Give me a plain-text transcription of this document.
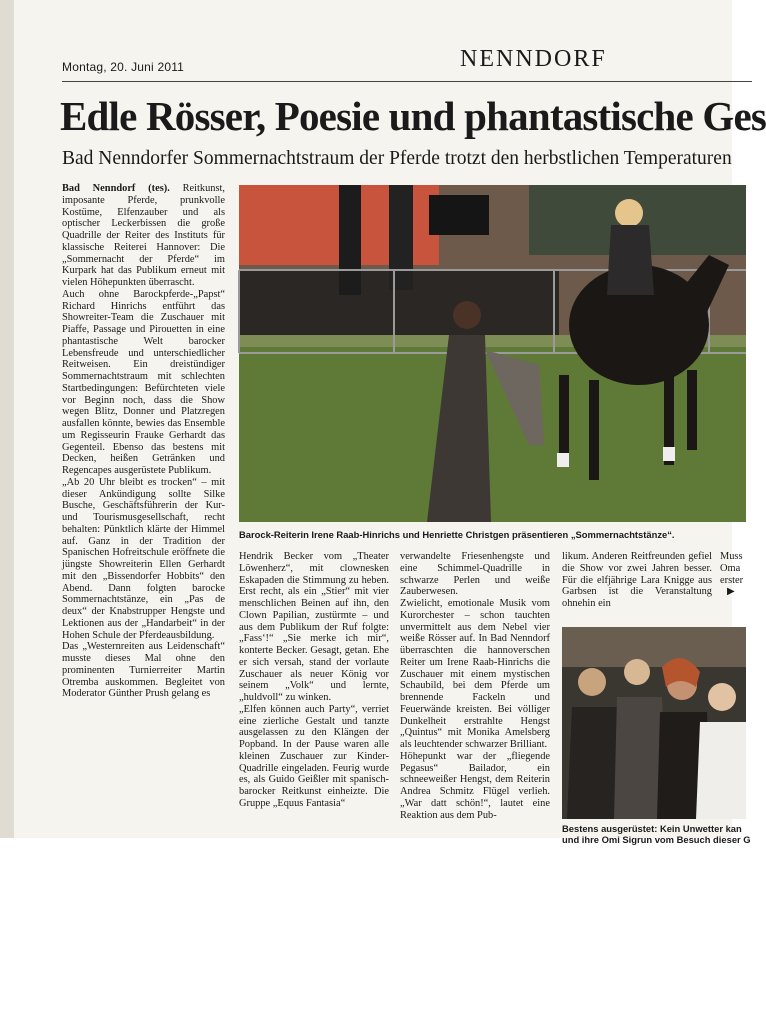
Montag, 20. Juni 2011	NENNDORF
Edle Rösser, Poesie und phantastische Ges
Bad Nenndorfer Sommernachtstraum der Pferde trotzt den herbstlichen Temperaturen
Bad Nenndorf (tes). Reitkunst, imposante Pferde, prunkvolle Kostüme, Elfenzauber und als optischer Leckerbissen die große Quadrille der Reiter des Instituts für klassische Reiterei Hannover: Die „Sommernacht der Pferde“ im Kurpark hat das Publikum erneut mit vielen Höhepunkten überrascht.
Auch ohne Barockpferde-„Papst“ Richard Hinrichs entführt das Showreiter-Team die Zuschauer mit Piaffe, Passage und Pirouetten in eine phantastische Welt barocker Lebensfreude und unterschiedlicher Reitweisen. Ein dreistündiger Sommernachtstraum mit schlechten Startbedingungen: Befürchteten viele vor Beginn noch, dass die Show wegen Blitz, Donner und Platzregen ausfallen könnte, bewies das Ensemble um Regisseurin Frauke Gerhardt das Gegenteil. Ebenso das bestens mit Decken, heißen Getränken und Regencapes ausgerüstete Publikum.
„Ab 20 Uhr bleibt es trocken“ – mit dieser Ankündigung sollte Silke Busche, Geschäftsführerin der Kur- und Tourismusgesellschaft, recht behalten: Pünktlich klärte der Himmel auf. Ganz in der Tradition der Spanischen Hofreitschule eröffnete die jüngste Showreiterin Ellen Gerhardt mit den „Bissendorfer Hobbits“ den Abend. Dann folgten barocke Sommernachtstänze, ein „Pas de deux“ der Knabstrupper Hengste und Lektionen aus der „Handarbeit“ in der Hohen Schule der Pferdeausbildung.
Das „Westernreiten aus Leidenschaft“ musste dieses Mal ohne den prominenten Turnierreiter Martin Otremba auskommen. Begleitet von Moderator Günther Prush gelang es
Barock-Reiterin Irene Raab-Hinrichs und Henriette Christgen präsentieren „Sommernachtstänze“.
Hendrik Becker vom „Theater Löwenherz“, mit clownesken Eskapaden die Stimmung zu heben. Erst recht, als ein „Stier“ mit vier menschlichen Beinen auf ihn, den Clown Papilian, zustürmte – und aus dem Publikum der Ruf folgte: „Fass‘!“ „Sie merke ich mir“, konterte Becker. Gesagt, getan. Ehe er sich versah, stand der vorlaute Zuschauer als neuer König vor seinem „Volk“ und lernte, „huldvoll“ zu winken.
„Elfen können auch Party“, verriet eine zierliche Gestalt und tanzte ausgelassen zu den Klängen der Popband. In der Pause waren alle kleinen Zuschauer zur Kinder-Quadrille eingeladen. Feurig wurde es, als Guido Geißler mit spanisch-barocker Reitkunst einheizte. Die Gruppe „Equus Fantasia“
verwandelte Friesenhengste und eine Schimmel-Quadrille in schwarze Perlen und weiße Zauberwesen.
Zwielicht, emotionale Musik vom Kurorchester – schon tauchten unvermittelt aus dem Nebel vier weiße Rösser auf. In Bad Nenndorf überraschten die hannoverschen Reiter um Irene Raab-Hinrichs die Zuschauer mit einem mystischen Schaubild, bei dem Pferde um brennende Fackeln und Feuerwände kreisten. Bei völliger Dunkelheit erstrahlte Hengst „Quintus“ mit Monika Amelsberg als leuchtender schwarzer Brilliant.
Höhepunkt war der „fliegende Pegasus“ Bailador, ein schneeweißer Hengst, dem Reiterin Andrea Schmitz Flügel verlieh. „War datt schön!“, lautet eine Reaktion aus dem Pub-
likum. Anderen Reitfreunden gefiel die Show vor zwei Jahren besser. Für die elfjährige Lara Knigge aus Garbsen ist die Veranstaltung ohnehin ein
Muss Oma erster
▶
Bestens ausgerüstet: Kein Unwetter kan
und ihre Omi Sigrun vom Besuch dieser G
